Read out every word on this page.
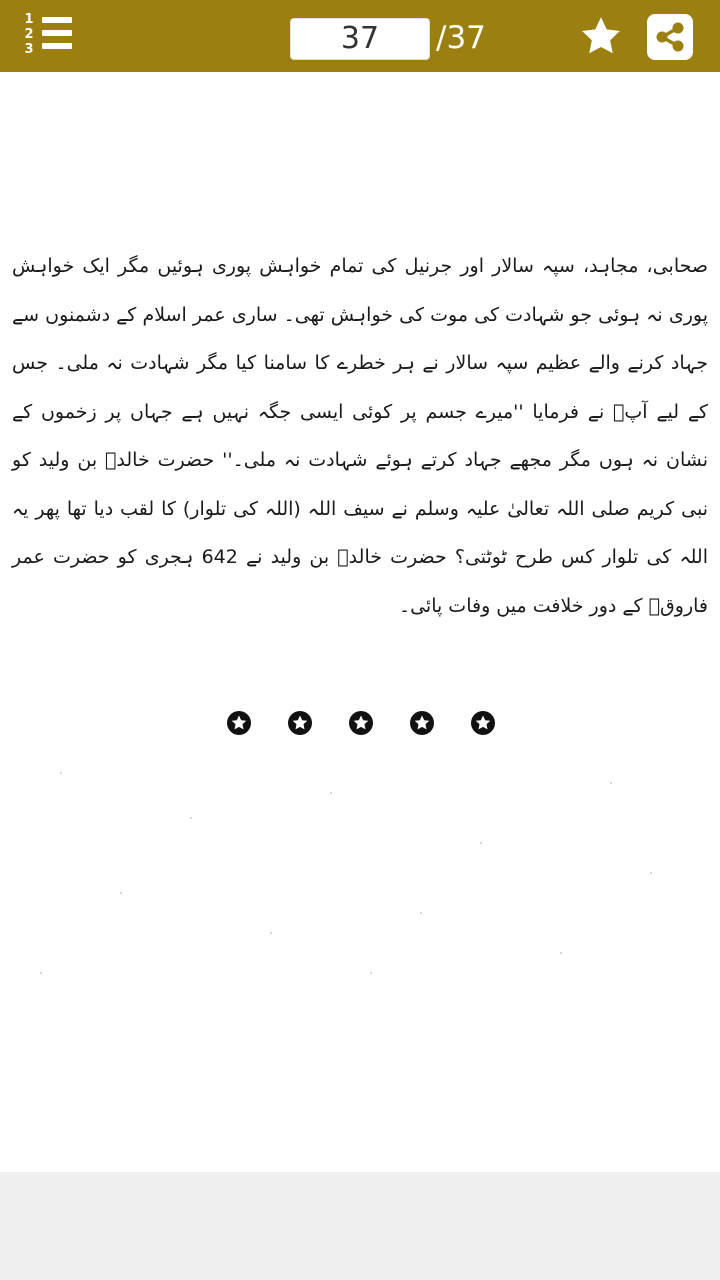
1
2
3	37	/37
صحابی، مجاہد، سپہ سالار اور جرنیل کی تمام خواہش پوری ہوئیں مگر ایک خواہش پوری نہ ہوئی جو شہادت کی موت کی خواہش تھی۔ ساری عمر اسلام کے دشمنوں سے جہاد کرنے والے عظیم سپہ سالار نے ہر خطرے کا سامنا کیا مگر شہادت نہ ملی۔ جس کے لیے آپؓ نے فرمایا ''میرے جسم پر کوئی ایسی جگہ نہیں ہے جہاں پر زخموں کے نشان نہ ہوں مگر مجھے جہاد کرتے ہوئے شہادت نہ ملی۔'' حضرت خالدؓ بن ولید کو نبی کریم صلی اللہ تعالیٰ علیہ وسلم نے سیف اللہ (اللہ کی تلوار) کا لقب دیا تھا پھر یہ اللہ کی تلوار کس طرح ٹوٹتی؟ حضرت خالدؓ بن ولید نے 642 ہجری کو حضرت عمر فاروقؓ کے دور خلافت میں وفات پائی۔
